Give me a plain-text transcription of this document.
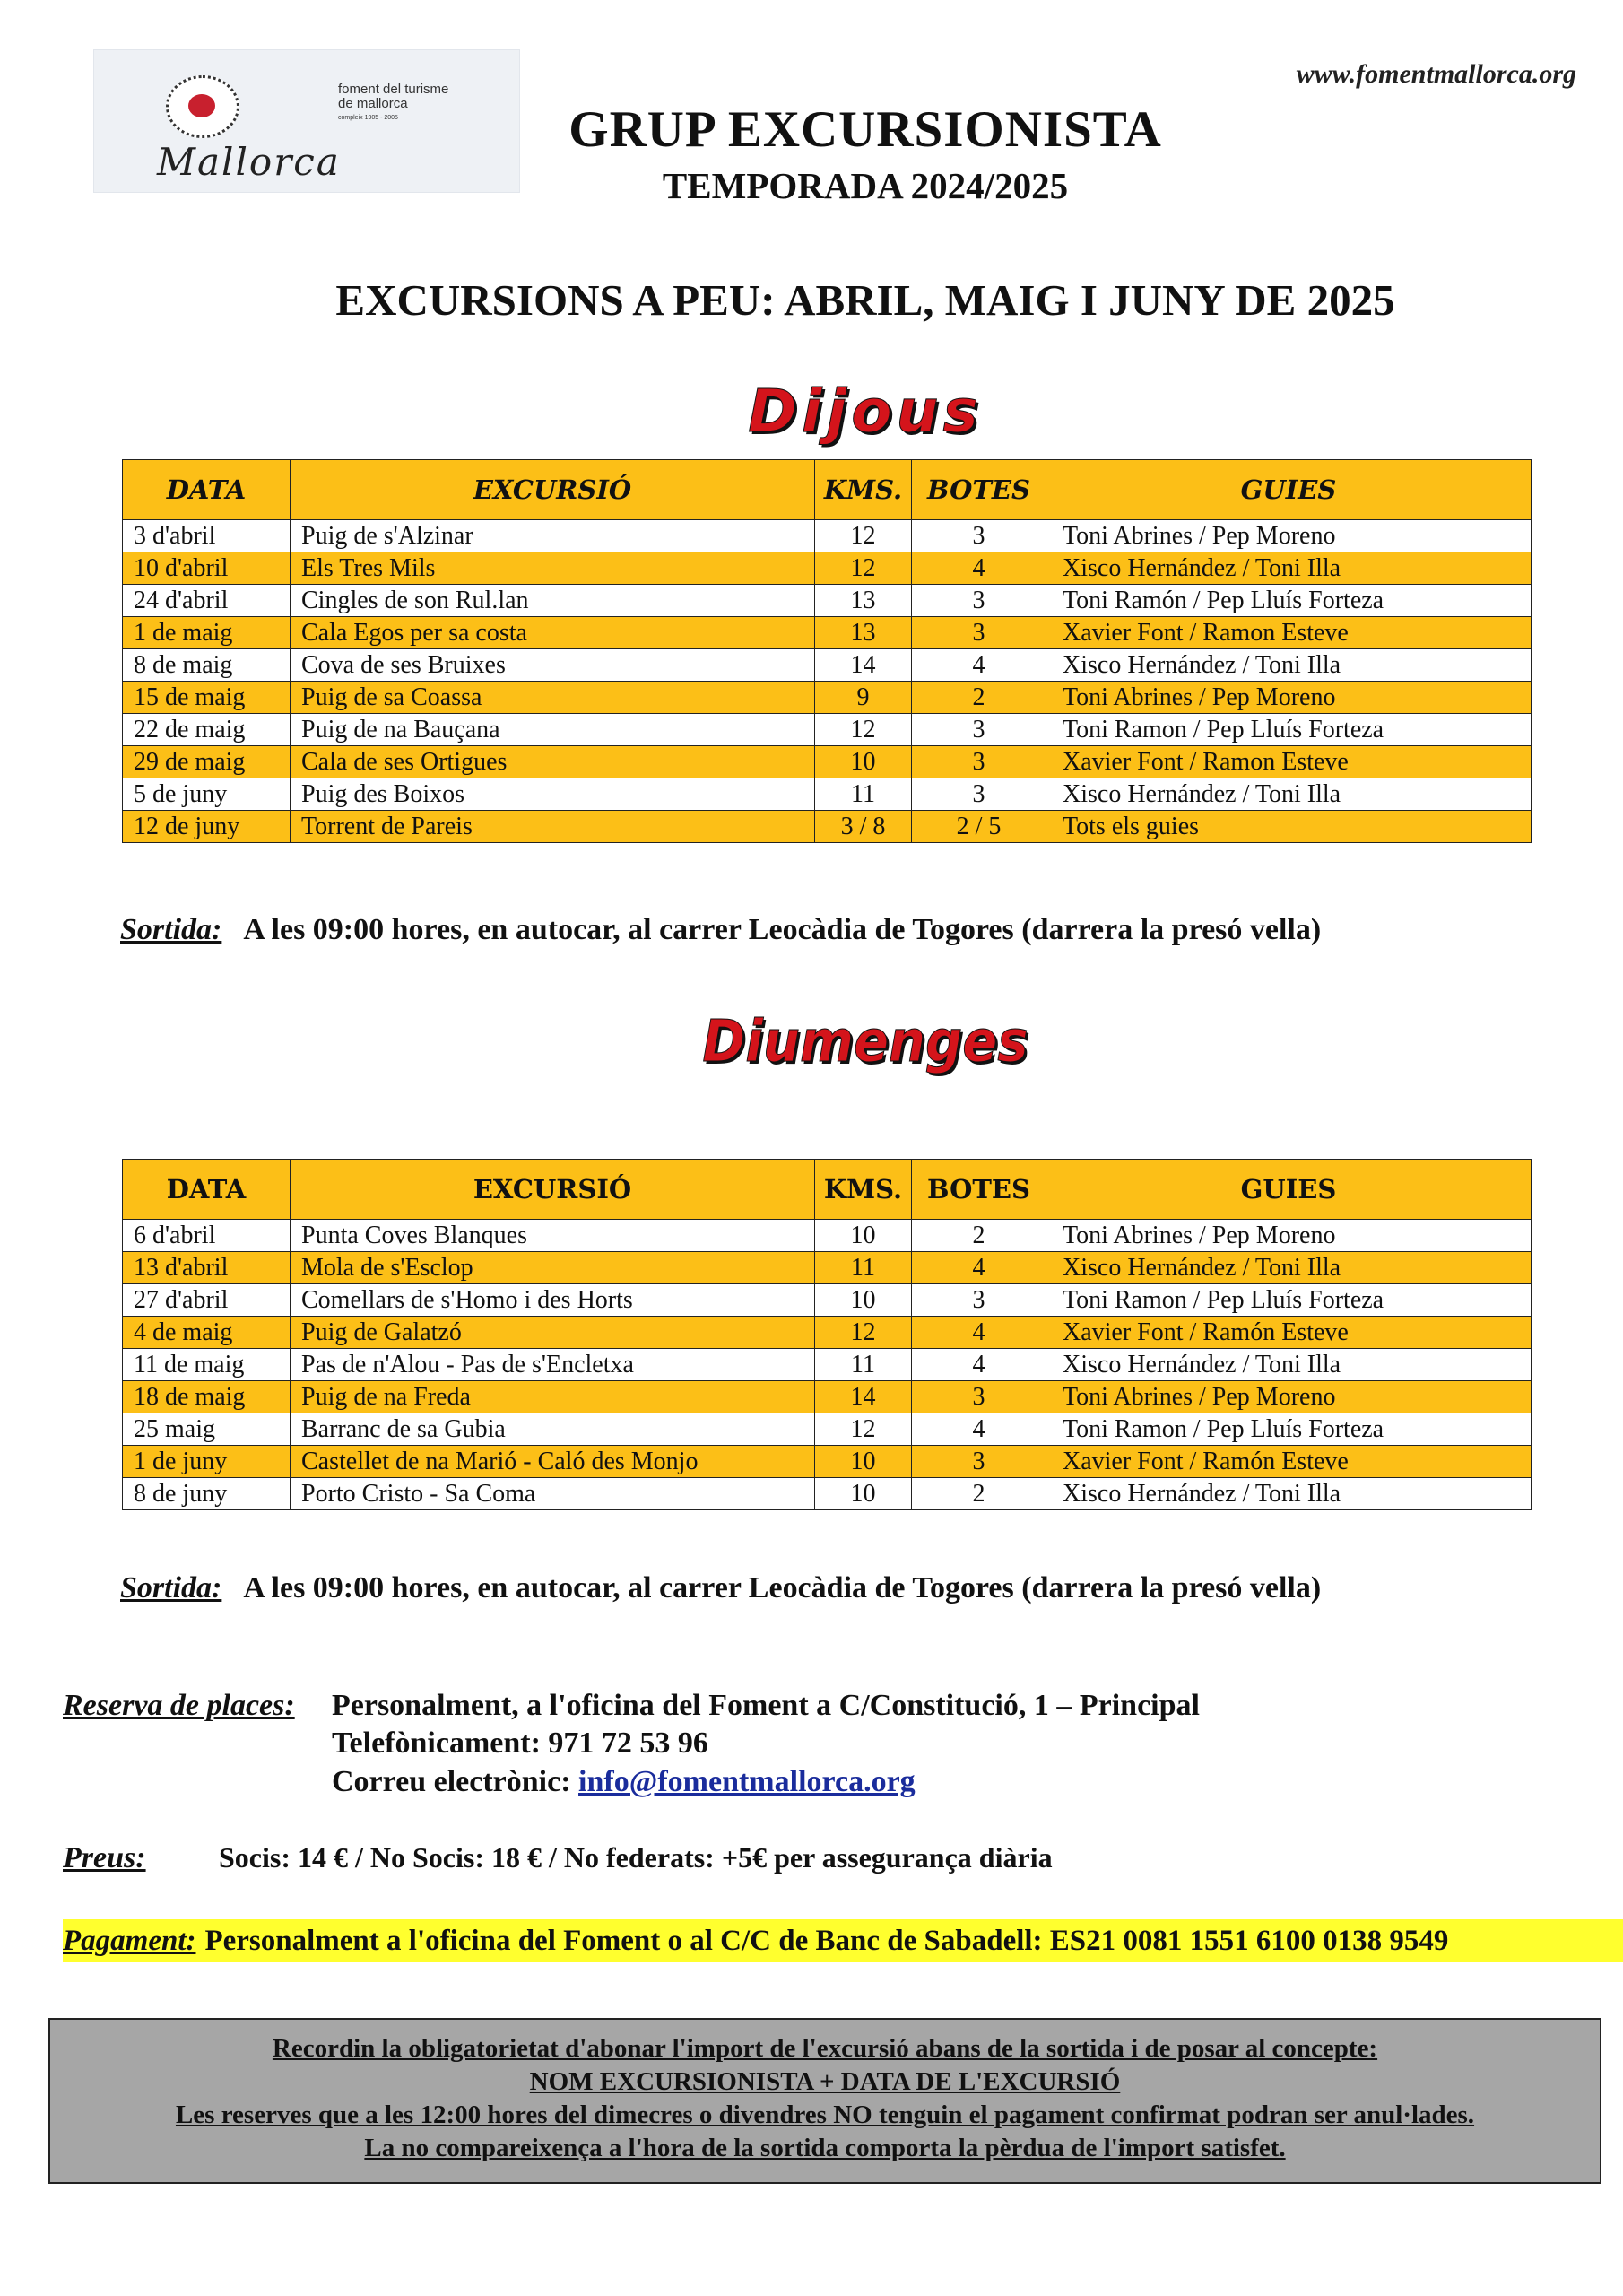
Mallorca
foment del turisme de mallorca
compleix 1905 - 2005
www.fomentmallorca.org
GRUP EXCURSIONISTA
TEMPORADA 2024/2025
EXCURSIONS A PEU: ABRIL, MAIG I JUNY DE 2025
Dijous
DATA	EXCURSIÓ	KMS.	BOTES	GUIES
3 d'abril	Puig de s'Alzinar	12	3	Toni Abrines / Pep Moreno
10 d'abril	Els Tres Mils	12	4	Xisco Hernández / Toni Illa
24 d'abril	Cingles de son Rul.lan	13	3	Toni Ramón / Pep Lluís Forteza
1 de maig	Cala Egos per sa costa	13	3	Xavier Font / Ramon Esteve
8 de maig	Cova de ses Bruixes	14	4	Xisco Hernández / Toni Illa
15 de maig	Puig de sa Coassa	9	2	Toni Abrines / Pep Moreno
22 de maig	Puig de na Bauçana	12	3	Toni Ramon / Pep Lluís Forteza
29 de maig	Cala de ses Ortigues	10	3	Xavier Font / Ramon Esteve
5 de juny	Puig des Boixos	11	3	Xisco Hernández / Toni Illa
12 de juny	Torrent de Pareis	3 / 8	2 / 5	Tots els guies
Sortida: A les 09:00 hores, en autocar, al carrer Leocàdia de Togores (darrera la presó vella)
Diumenges
DATA	EXCURSIÓ	KMS.	BOTES	GUIES
6 d'abril	Punta Coves Blanques	10	2	Toni Abrines / Pep Moreno
13 d'abril	Mola de s'Esclop	11	4	Xisco Hernández / Toni Illa
27 d'abril	Comellars de s'Homo i des Horts	10	3	Toni Ramon / Pep Lluís Forteza
4 de maig	Puig de Galatzó	12	4	Xavier Font / Ramón Esteve
11 de maig	Pas de n'Alou - Pas de s'Encletxa	11	4	Xisco Hernández / Toni Illa
18 de maig	Puig de na Freda	14	3	Toni Abrines / Pep Moreno
25 maig	Barranc de sa Gubia	12	4	Toni Ramon / Pep Lluís Forteza
1 de juny	Castellet de na Marió - Caló des Monjo	10	3	Xavier Font / Ramón Esteve
8 de juny	Porto Cristo - Sa Coma	10	2	Xisco Hernández / Toni Illa
Sortida: A les 09:00 hores, en autocar, al carrer Leocàdia de Togores (darrera la presó vella)
Reserva de places: Personalment, a l'oficina del Foment a C/Constitució, 1 – Principal
Telefònicament: 971 72 53 96
Correu electrònic: info@fomentmallorca.org
Preus:	Socis: 14 € / No Socis: 18 € / No federats: +5€ per assegurança diària
Pagament: Personalment a l'oficina del Foment o al C/C de Banc de Sabadell: ES21 0081 1551 6100 0138 9549
Recordin la obligatorietat d'abonar l'import de l'excursió abans de la sortida i de posar al concepte:
NOM EXCURSIONISTA + DATA DE L'EXCURSIÓ
Les reserves que a les 12:00 hores del dimecres o divendres NO tenguin el pagament confirmat podran ser anul·lades.
La no compareixença a l'hora de la sortida comporta la pèrdua de l'import satisfet.
